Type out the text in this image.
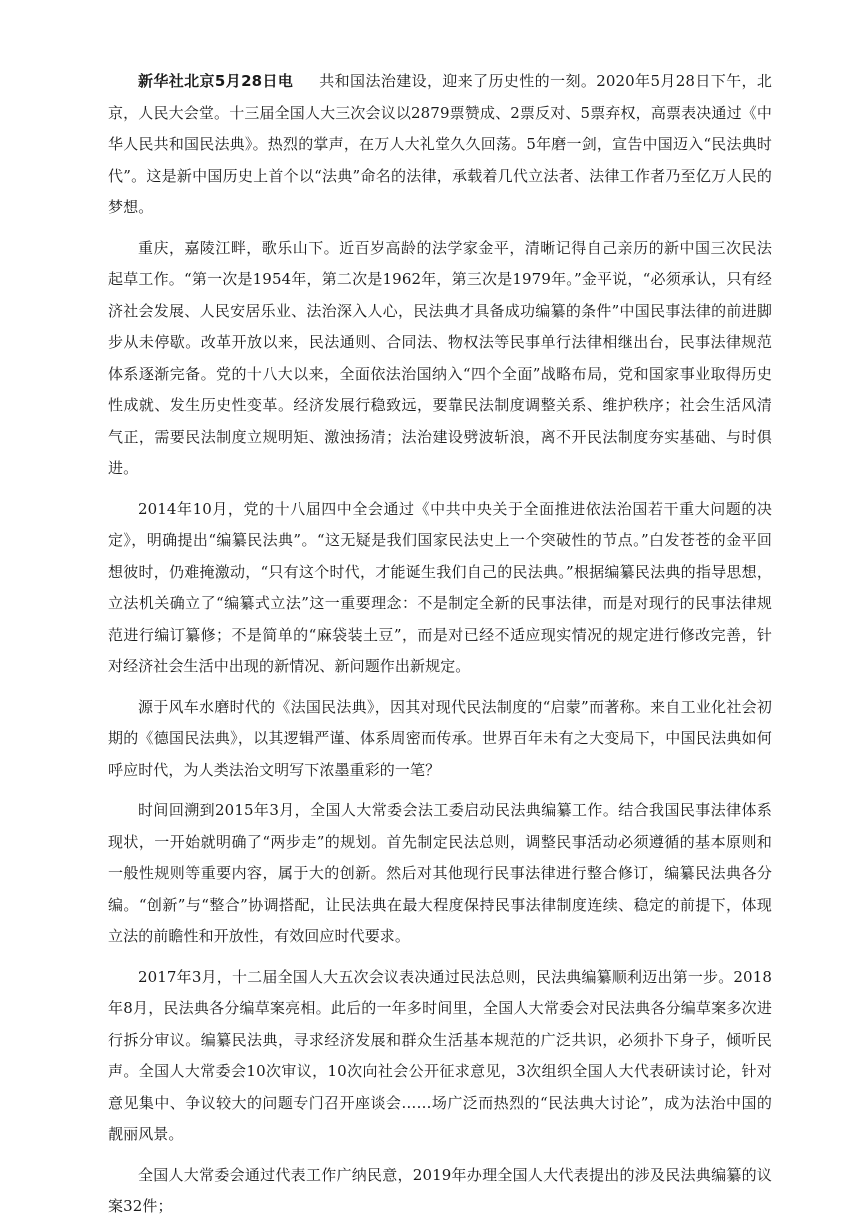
新华社北京5月28日电 共和国法治建设，迎来了历史性的一刻。2020年5月28日下午，北京，人民大会堂。十三届全国人大三次会议以2879票赞成、2票反对、5票弃权，高票表决通过《中华人民共和国民法典》。热烈的掌声，在万人大礼堂久久回荡。5年磨一剑，宣告中国迈入“民法典时代”。这是新中国历史上首个以“法典”命名的法律，承载着几代立法者、法律工作者乃至亿万人民的梦想。

重庆，嘉陵江畔，歌乐山下。近百岁高龄的法学家金平，清晰记得自己亲历的新中国三次民法起草工作。“第一次是1954年，第二次是1962年，第三次是1979年。”金平说，“必须承认，只有经济社会发展、人民安居乐业、法治深入人心，民法典才具备成功编纂的条件”中国民事法律的前进脚步从未停歇。改革开放以来，民法通则、合同法、物权法等民事单行法律相继出台，民事法律规范体系逐渐完备。党的十八大以来，全面依法治国纳入“四个全面”战略布局，党和国家事业取得历史性成就、发生历史性变革。经济发展行稳致远，要靠民法制度调整关系、维护秩序；社会生活风清气正，需要民法制度立规明矩、激浊扬清；法治建设劈波斩浪，离不开民法制度夯实基础、与时俱进。

2014年10月，党的十八届四中全会通过《中共中央关于全面推进依法治国若干重大问题的决定》，明确提出“编纂民法典”。“这无疑是我们国家民法史上一个突破性的节点。”白发苍苍的金平回想彼时，仍难掩激动，“只有这个时代，才能诞生我们自己的民法典。”根据编纂民法典的指导思想，立法机关确立了“编纂式立法”这一重要理念：不是制定全新的民事法律，而是对现行的民事法律规范进行编订纂修；不是简单的“麻袋装土豆”，而是对已经不适应现实情况的规定进行修改完善，针对经济社会生活中出现的新情况、新问题作出新规定。

源于风车水磨时代的《法国民法典》，因其对现代民法制度的“启蒙”而著称。来自工业化社会初期的《德国民法典》，以其逻辑严谨、体系周密而传承。世界百年未有之大变局下，中国民法典如何呼应时代，为人类法治文明写下浓墨重彩的一笔？

时间回溯到2015年3月，全国人大常委会法工委启动民法典编纂工作。结合我国民事法律体系现状，一开始就明确了“两步走”的规划。首先制定民法总则，调整民事活动必须遵循的基本原则和一般性规则等重要内容，属于大的创新。然后对其他现行民事法律进行整合修订，编纂民法典各分编。“创新”与“整合”协调搭配，让民法典在最大程度保持民事法律制度连续、稳定的前提下，体现立法的前瞻性和开放性，有效回应时代要求。

2017年3月，十二届全国人大五次会议表决通过民法总则，民法典编纂顺利迈出第一步。2018年8月，民法典各分编草案亮相。此后的一年多时间里，全国人大常委会对民法典各分编草案多次进行拆分审议。编纂民法典，寻求经济发展和群众生活基本规范的广泛共识，必须扑下身子，倾听民声。全国人大常委会10次审议，10次向社会公开征求意见，3次组织全国人大代表研读讨论，针对意见集中、争议较大的问题专门召开座谈会……场广泛而热烈的“民法典大讨论”，成为法治中国的靓丽风景。

全国人大常委会通过代表工作广纳民意，2019年办理全国人大代表提出的涉及民法典编纂的议案32件；
